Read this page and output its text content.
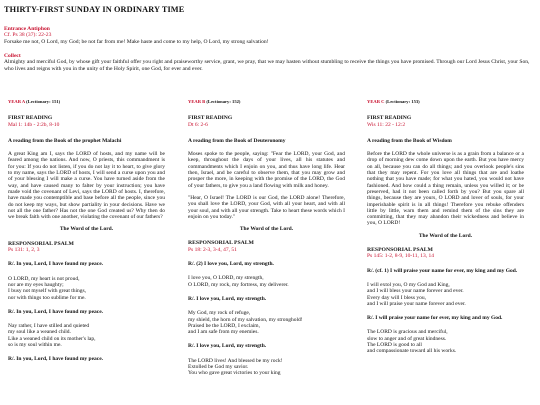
THIRTY-FIRST SUNDAY IN ORDINARY TIME
Entrance Antiphon
Cf. Ps 38 (37): 22-23
Forsake me not, O Lord, my God; be not far from me! Make haste and come to my help, O Lord, my strong salvation!
Collect
Almighty and merciful God, by whose gift your faithful offer you right and praiseworthy service, grant, we pray, that we may hasten without stumbling to receive the things you have promised. Through our Lord Jesus Christ, your Son, who lives and reigns with you in the unity of the Holy Spirit, one God, for ever and ever.
YEAR A (Lectionary: 151)
FIRST READING
Mal 1: 14b - 2:2b, 8-10
A reading from the Book of the prophet Malachi

A great King am I, says the LORD of hosts, and my name will be feared among the nations. And now, O priests, this commandment is for you: If you do not listen, if you do not lay it to heart, to give glory to my name, says the LORD of hosts, I will send a curse upon you and of your blessing I will make a curse. You have turned aside from the way, and have caused many to falter by your instruction; you have made void the covenant of Levi, says the LORD of hosts. I, therefore, have made you contemptible and base before all the people, since you do not keep my ways, but show partiality in your decisions. Have we not all the one father? Has not the one God created us? Why then do we break faith with one another, violating the covenant of our fathers?

The Word of the Lord.
RESPONSORIAL PSALM
Ps 131: 1, 2, 3
R/. In you, Lord, I have found my peace.
O LORD, my heart is not proud,
nor are my eyes haughty;
I busy not myself with great things,
nor with things too sublime for me.
R/. In you, Lord, I have found my peace.
Nay rather, I have stilled and quieted
my soul like a weaned child.
Like a weaned child on its mother's lap,
so is my soul within me.
R/. In you, Lord, I have found my peace.
YEAR B (Lectionary: 152)
FIRST READING
Dt 6: 2-6
A reading from the Book of Deuteronomy

Moses spoke to the people, saying: "Fear the LORD, your God, and keep, throughout the days of your lives, all his statutes and commandments which I enjoin on you, and thus have long life. Hear then, Israel, and be careful to observe them, that you may grow and prosper the more, in keeping with the promise of the LORD, the God of your fathers, to give you a land flowing with milk and honey.

"Hear, O Israel! The LORD is our God, the LORD alone! Therefore, you shall love the LORD, your God, with all your heart, and with all your soul, and with all your strength. Take to heart these words which I enjoin on you today."

The Word of the Lord.
RESPONSORIAL PSALM
Ps 18: 2-3, 3-4, 47, 51
R/. (2) I love you, Lord, my strength.
I love you, O LORD, my strength,
O LORD, my rock, my fortress, my deliverer.
R/. I love you, Lord, my strength.
My God, my rock of refuge,
my shield, the horn of my salvation, my stronghold!
Praised be the LORD, I exclaim,
and I am safe from my enemies.
R/. I love you, Lord, my strength.
The LORD lives! And blessed be my rock!
Extolled be God my savior.
You who gave great victories to your king
YEAR C (Lectionary: 153)
FIRST READING
Wis 11: 22 - 12:2
A reading from the Book of Wisdom

Before the LORD the whole universe is as a grain from a balance or a drop of morning dew come down upon the earth. But you have mercy on all, because you can do all things; and you overlook people's sins that they may repent. For you love all things that are and loathe nothing that you have made; for what you hated, you would not have fashioned. And how could a thing remain, unless you willed it; or be preserved, had it not been called forth by you? But you spare all things, because they are yours, O LORD and lover of souls, for your imperishable spirit is in all things! Therefore you rebuke offenders little by little, warn them and remind them of the sins they are committing, that they may abandon their wickedness and believe in you, O LORD!

The Word of the Lord.
RESPONSORIAL PSALM
Ps 145: 1-2, 8-9, 10-11, 13, 14
R/. (cf. 1) I will praise your name for ever, my king and my God.
I will extol you, O my God and King,
and I will bless your name forever and ever.
Every day will I bless you,
and I will praise your name forever and ever.
R/. I will praise your name for ever, my king and my God.
The LORD is gracious and merciful,
slow to anger and of great kindness.
The LORD is good to all
and compassionate toward all his works.
